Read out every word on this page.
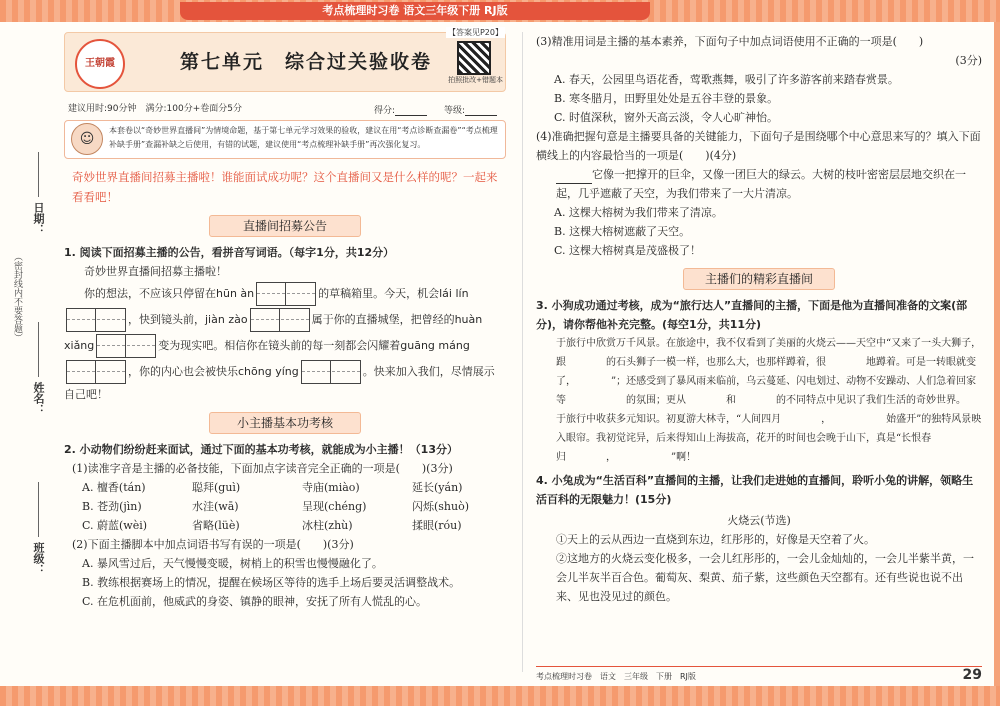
考点梳理时习卷 语文三年级下册 RJ版
日期：
（密封线内不要答题）
姓名：
班级：
【答案见P20】
王朝霞	第七单元　综合过关验收卷
拍照批改+错题本
建议用时:90分钟　满分:100分+卷面分5分	得分:	等级:
☺
本套卷以“奇妙世界直播间”为情境命题，基于第七单元学习效果的验收，建议在用“考点诊断查漏卷”“考点梳理补缺手册”查漏补缺之后使用，有错的试题，建议使用“考点梳理补缺手册”再次强化复习。
奇妙世界直播间招募主播啦！谁能面试成功呢？这个直播间又是什么样的呢？一起来看看吧！
直播间招募公告
1. 阅读下面招募主播的公告，看拼音写词语。（每字1分，共12分）
奇妙世界直播间招募主播啦！
你的想法，不应该只停留在hūn àn	的草稿箱里。今天，机会lái lín
，快到镜头前，jiàn zào	属于你的直播城堡，把曾经的huàn
xiǎng	变为现实吧。相信你在镜头前的每一刻都会闪耀着guāng máng
，你的内心也会被快乐chōng yíng	。快来加入我们，尽情展示
自己吧！
小主播基本功考核
2. 小动物们纷纷赶来面试，通过下面的基本功考核，就能成为小主播！（13分）
(1)读准字音是主播的必备技能，下面加点字读音完全正确的一项是(　　)(3分)
A. 檀香(tán)	聪拜(guì)	寺庙(miào)	延长(yán)
B. 苍劲(jìn)	水洼(wā)	呈现(chéng)	闪烁(shuò)
C. 蔚蓝(wèi)	省略(lüè)	冰柱(zhù)	揉眼(róu)
(2)下面主播脚本中加点词语书写有误的一项是(　　)(3分)
A. 暴风雪过后，天气慢慢变暖，树梢上的积雪也慢慢融化了。
B. 教练根据赛场上的情况，提醒在候场区等待的选手上场后要灵活调整战术。
C. 在危机面前，他威武的身姿、镇静的眼神，安抚了所有人慌乱的心。
(3)精准用词是主播的基本素养，下面句子中加点词语使用不正确的一项是(　　)
(3分)
A. 春天，公园里鸟语花香，莺歌燕舞，吸引了许多游客前来踏春赏景。
B. 寒冬腊月，田野里处处是五谷丰登的景象。
C. 时值深秋，窗外天高云淡，令人心旷神怡。
(4)准确把握句意是主播要具备的关键能力，下面句子是围绕哪个中心意思来写的？填入下面横线上的内容最恰当的一项是(　　)(4分)
它像一把撑开的巨伞，又像一团巨大的绿云。大树的枝叶密密层层地交织在一起，几乎遮蔽了天空，为我们带来了一大片清凉。
A. 这棵大榕树为我们带来了清凉。
B. 这棵大榕树遮蔽了天空。
C. 这棵大榕树真是茂盛极了！
主播们的精彩直播间
3. 小狗成功通过考核，成为“旅行达人”直播间的主播，下面是他为直播间准备的文案(部分)，请你帮他补充完整。(每空1分，共11分)
于旅行中欣赏万千风景。在旅途中，我不仅看到了美丽的火烧云——天空中“又来了一头大狮子，跟　　　　的石头狮子一模一样，也那么大，也那样蹲着，很　　　　地蹲着。可是一转眼就变了，　　　　”；还感受到了暴风雨来临前，乌云蔓延、闪电划过、动物不安躁动、人们急着回家等　　　　　　的氛围；更从　　　　和　　　　的不同特点中见识了我们生活的奇妙世界。
于旅行中收获多元知识。初夏游大林寺，“人间四月　　　　，　　　　　　始盛开”的独特风景映入眼帘。我初觉诧异，后来得知山上海拔高，花开的时间也会晚于山下，真是“长恨春归　　　　，　　　　　　”啊！
4. 小兔成为“生活百科”直播间的主播，让我们走进她的直播间，聆听小兔的讲解，领略生活百科的无限魅力！(15分)
火烧云(节选)
①天上的云从西边一直烧到东边，红彤彤的，好像是天空着了火。
②这地方的火烧云变化极多，一会儿红彤彤的，一会儿金灿灿的，一会儿半紫半黄，一会儿半灰半百合色。葡萄灰、梨黄、茄子紫，这些颜色天空都有。还有些说也说不出来、见也没见过的颜色。
考点梳理时习卷　语文　三年级　下册　RJ版	29
